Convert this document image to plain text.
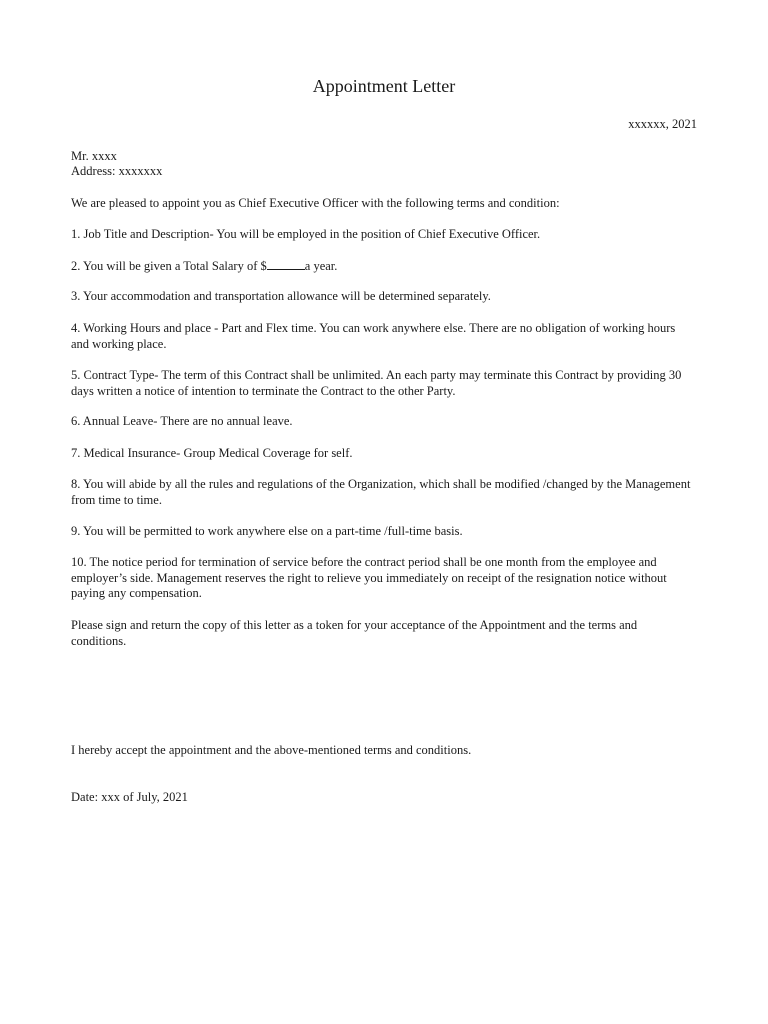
Appointment Letter
xxxxxx, 2021

Mr. xxxx

Address: xxxxxxx

We are pleased to appoint you as Chief Executive Officer with the following terms and condition:

1. Job Title and Description- You will be employed in the position of Chief Executive Officer.

2. You will be given a Total Salary of $	a year.

3. Your accommodation and transportation allowance will be determined separately.

4. Working Hours and place - Part and Flex time. You can work anywhere else. There are no obligation of working hours and working place.

5. Contract Type- The term of this Contract shall be unlimited. An each party may terminate this Contract by providing 30 days written a notice of intention to terminate the Contract to the other Party.

6. Annual Leave- There are no annual leave.

7. Medical Insurance- Group Medical Coverage for self.

8. You will abide by all the rules and regulations of the Organization, which shall be modified /changed by the Management from time to time.

9. You will be permitted to work anywhere else on a part-time /full-time basis.

10. The notice period for termination of service before the contract period shall be one month from the employee and employer’s side. Management reserves the right to relieve you immediately on receipt of the resignation notice without paying any compensation.

Please sign and return the copy of this letter as a token for your acceptance of the Appointment and the terms and conditions.

I hereby accept the appointment and the above-mentioned terms and conditions.

Date: xxx of July, 2021
